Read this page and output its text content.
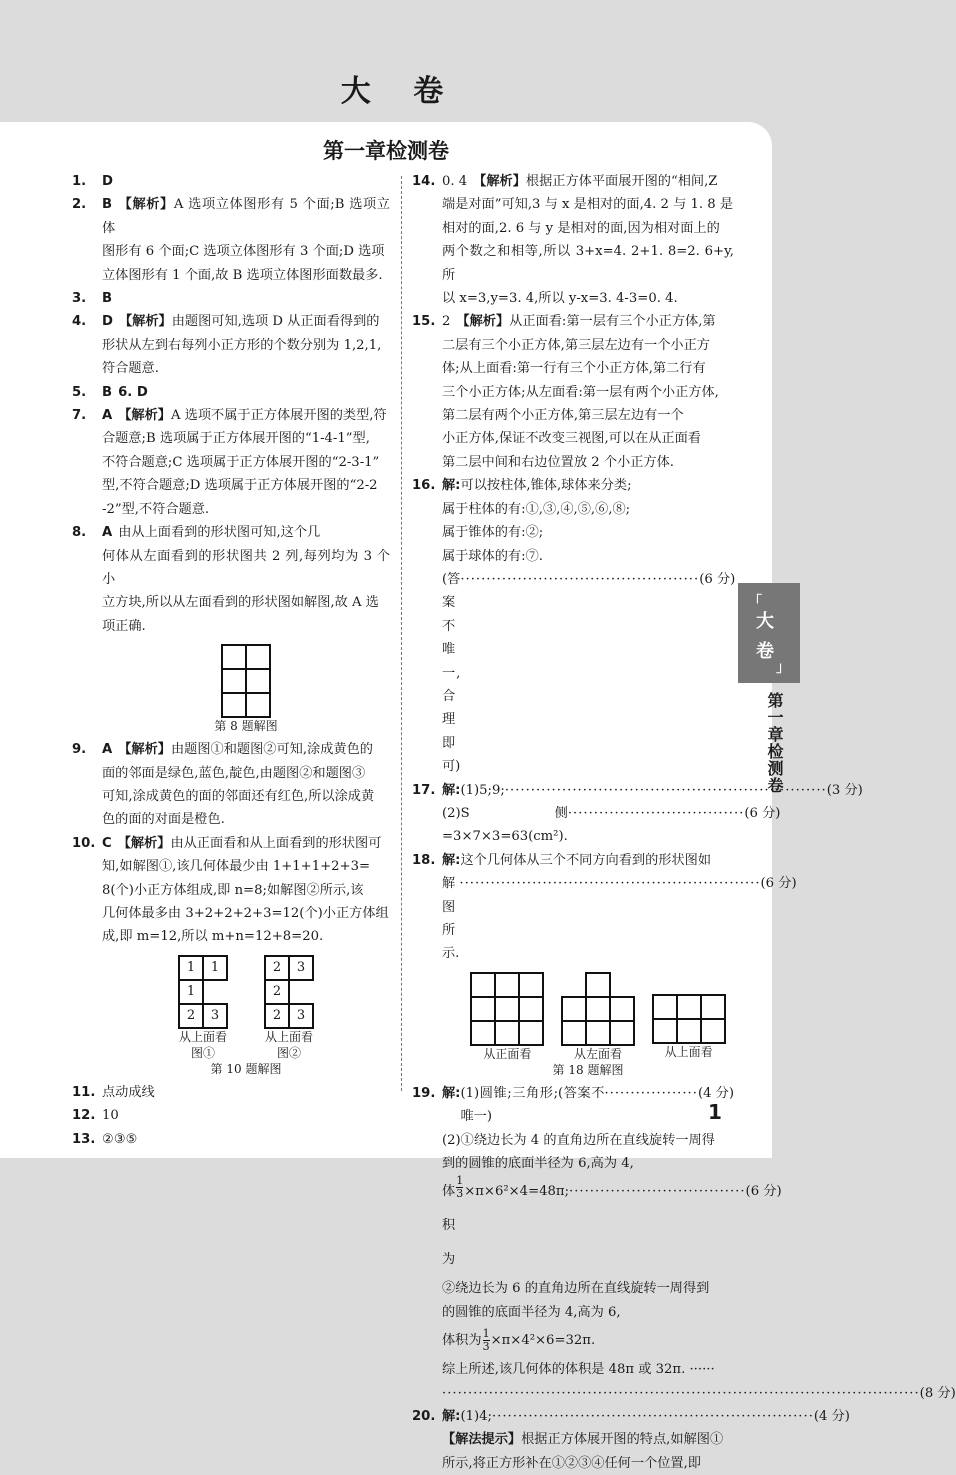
大 卷
第一章检测卷
1.	D
2.	B 【解析】A 选项立体图形有 5 个面;B 选项立体
图形有 6 个面;C 选项立体图形有 3 个面;D 选项
立体图形有 1 个面,故 B 选项立体图形面数最多.
3.	B
4.	D 【解析】由题图可知,选项 D 从正面看得到的
形状从左到右每列小正方形的个数分别为 1,2,1,
符合题意.
5.	B 6. D
7.	A 【解析】A 选项不属于正方体展开图的类型,符
合题意;B 选项属于正方体展开图的“1-4-1”型,
不符合题意;C 选项属于正方体展开图的“2-3-1”
型,不符合题意;D 选项属于正方体展开图的“2-2
-2”型,不符合题意.
8.	A 由从上面看到的形状图可知,这个几
何体从左面看到的形状图共 2 列,每列均为 3 个小
立方块,所以从左面看到的形状图如解图,故 A 选
项正确.

第 8 题解图
9.	A 【解析】由题图①和题图②可知,涂成黄色的
面的邻面是绿色,蓝色,靛色,由题图②和题图③
可知,涂成黄色的面的邻面还有红色,所以涂成黄
色的面的对面是橙色.
10. C 【解析】由从正面看和从上面看到的形状图可
知,如解图①,该几何体最少由 1+1+1+2+3=
8(个)小正方体组成,即 n=8;如解图②所示,该
几何体最多由 3+2+2+2+3=12(个)小正方体组
成,即 m=12,所以 m+n=12+8=20.
1	1
1	
2	3
从上面看
图①
2	3
2	
2	3
从上面看
图②
第 10 题解图
11. 点动成线
12. 10
13. ②③⑤
14. 0. 4 【解析】根据正方体平面展开图的“相间,Z
端是对面”可知,3 与 x 是相对的面,4. 2 与 1. 8 是
相对的面,2. 6 与 y 是相对的面,因为相对面上的
两个数之和相等,所以 3+x=4. 2+1. 8=2. 6+y,所
以 x=3,y=3. 4,所以 y-x=3. 4-3=0. 4.
15. 2 【解析】从正面看:第一层有三个小正方体,第
二层有三个小正方体,第三层左边有一个小正方
体;从上面看:第一行有三个小正方体,第二行有
三个小正方体;从左面看:第一层有两个小正方体,
第二层有两个小正方体,第三层左边有一个
小正方体,保证不改变三视图,可以在从正面看
第二层中间和右边位置放 2 个小正方体.
16. 解:可以按柱体,锥体,球体来分类;
属于柱体的有:①,③,④,⑤,⑥,⑧;
属于锥体的有:②;
属于球体的有:⑦.
(答案不唯一,合理即可)
·············································· (6 分)
17. 解: (1)5;9; ······························································ (3 分)
(2)S侧=3×7×3=63(cm²).
·································· (6 分)
18. 解:这个几何体从三个不同方向看到的形状图如
解图所示.
·························································· (6 分)

从正面看

			从左面看

			从上面看
第 18 题解图
19. 解: (1)圆锥;三角形;(答案不唯一)
·················· (4 分)
(2)①绕边长为 4 的直角边所在直线旋转一周得
到的圆锥的底面半径为 6,高为 4,
体积为 $\frac{1}{3} \times\pi\times 6^2\times 4=48\pi$; ·································· (6 分)
②绕边长为 6 的直角边所在直线旋转一周得到
的圆锥的底面半径为 4,高为 6,
体积为 $\frac{1}{3} \times\pi\times 4^2\times 6=32\pi$.
综上所述,该几何体的体积是 48π 或 32π. ······
···························································································· (8 分)
20. 解: (1)4; ······························································ (4 分)
【解法提示】根据正方体展开图的特点,如解图①
所示,将正方形补在①②③④任何一个位置,即
「
大
卷
」
第一章检测卷
1
